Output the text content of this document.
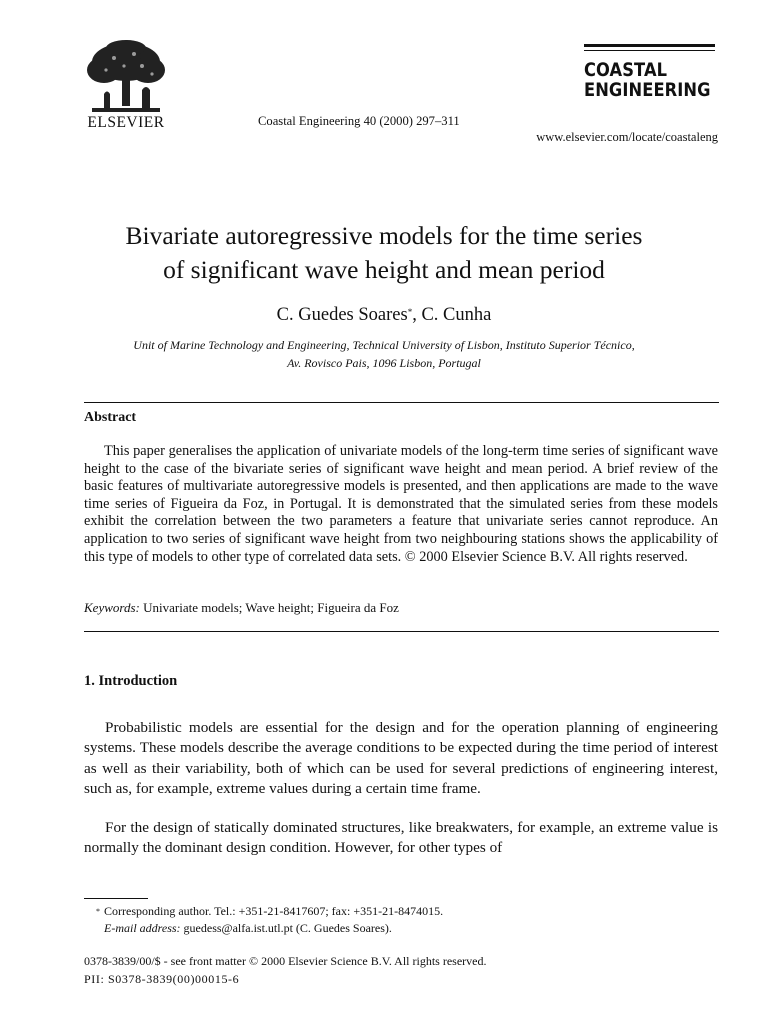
ELSEVIER	Coastal Engineering 40 (2000) 297–311
COASTAL
ENGINEERING
www.elsevier.com/locate/coastaleng
Bivariate autoregressive models for the time series
of significant wave height and mean period
C. Guedes Soares*, C. Cunha
Unit of Marine Technology and Engineering, Technical University of Lisbon, Instituto Superior Técnico,
Av. Rovisco Pais, 1096 Lisbon, Portugal
Abstract

This paper generalises the application of univariate models of the long-term time series of significant wave height to the case of the bivariate series of significant wave height and mean period. A brief review of the basic features of multivariate autoregressive models is presented, and then applications are made to the wave time series of Figueira da Foz, in Portugal. It is demonstrated that the simulated series from these models exhibit the correlation between the two parameters a feature that univariate series cannot reproduce. An application to two series of significant wave height from two neighbouring stations shows the applicability of this type of models to other type of correlated data sets. © 2000 Elsevier Science B.V. All rights reserved.

Keywords: Univariate models; Wave height; Figueira da Foz
1. Introduction

Probabilistic models are essential for the design and for the operation planning of engineering systems. These models describe the average conditions to be expected during the time period of interest as well as their variability, both of which can be used for several predictions of engineering interest, such as, for example, extreme values during a certain time frame.

For the design of statically dominated structures, like breakwaters, for example, an extreme value is normally the dominant design condition. However, for other types of

* Corresponding author. Tel.: +351-21-8417607; fax: +351-21-8474015.
E-mail address: guedess@alfa.ist.utl.pt (C. Guedes Soares).
0378-3839/00/$ - see front matter © 2000 Elsevier Science B.V. All rights reserved.
PII: S0378-3839(00)00015-6
